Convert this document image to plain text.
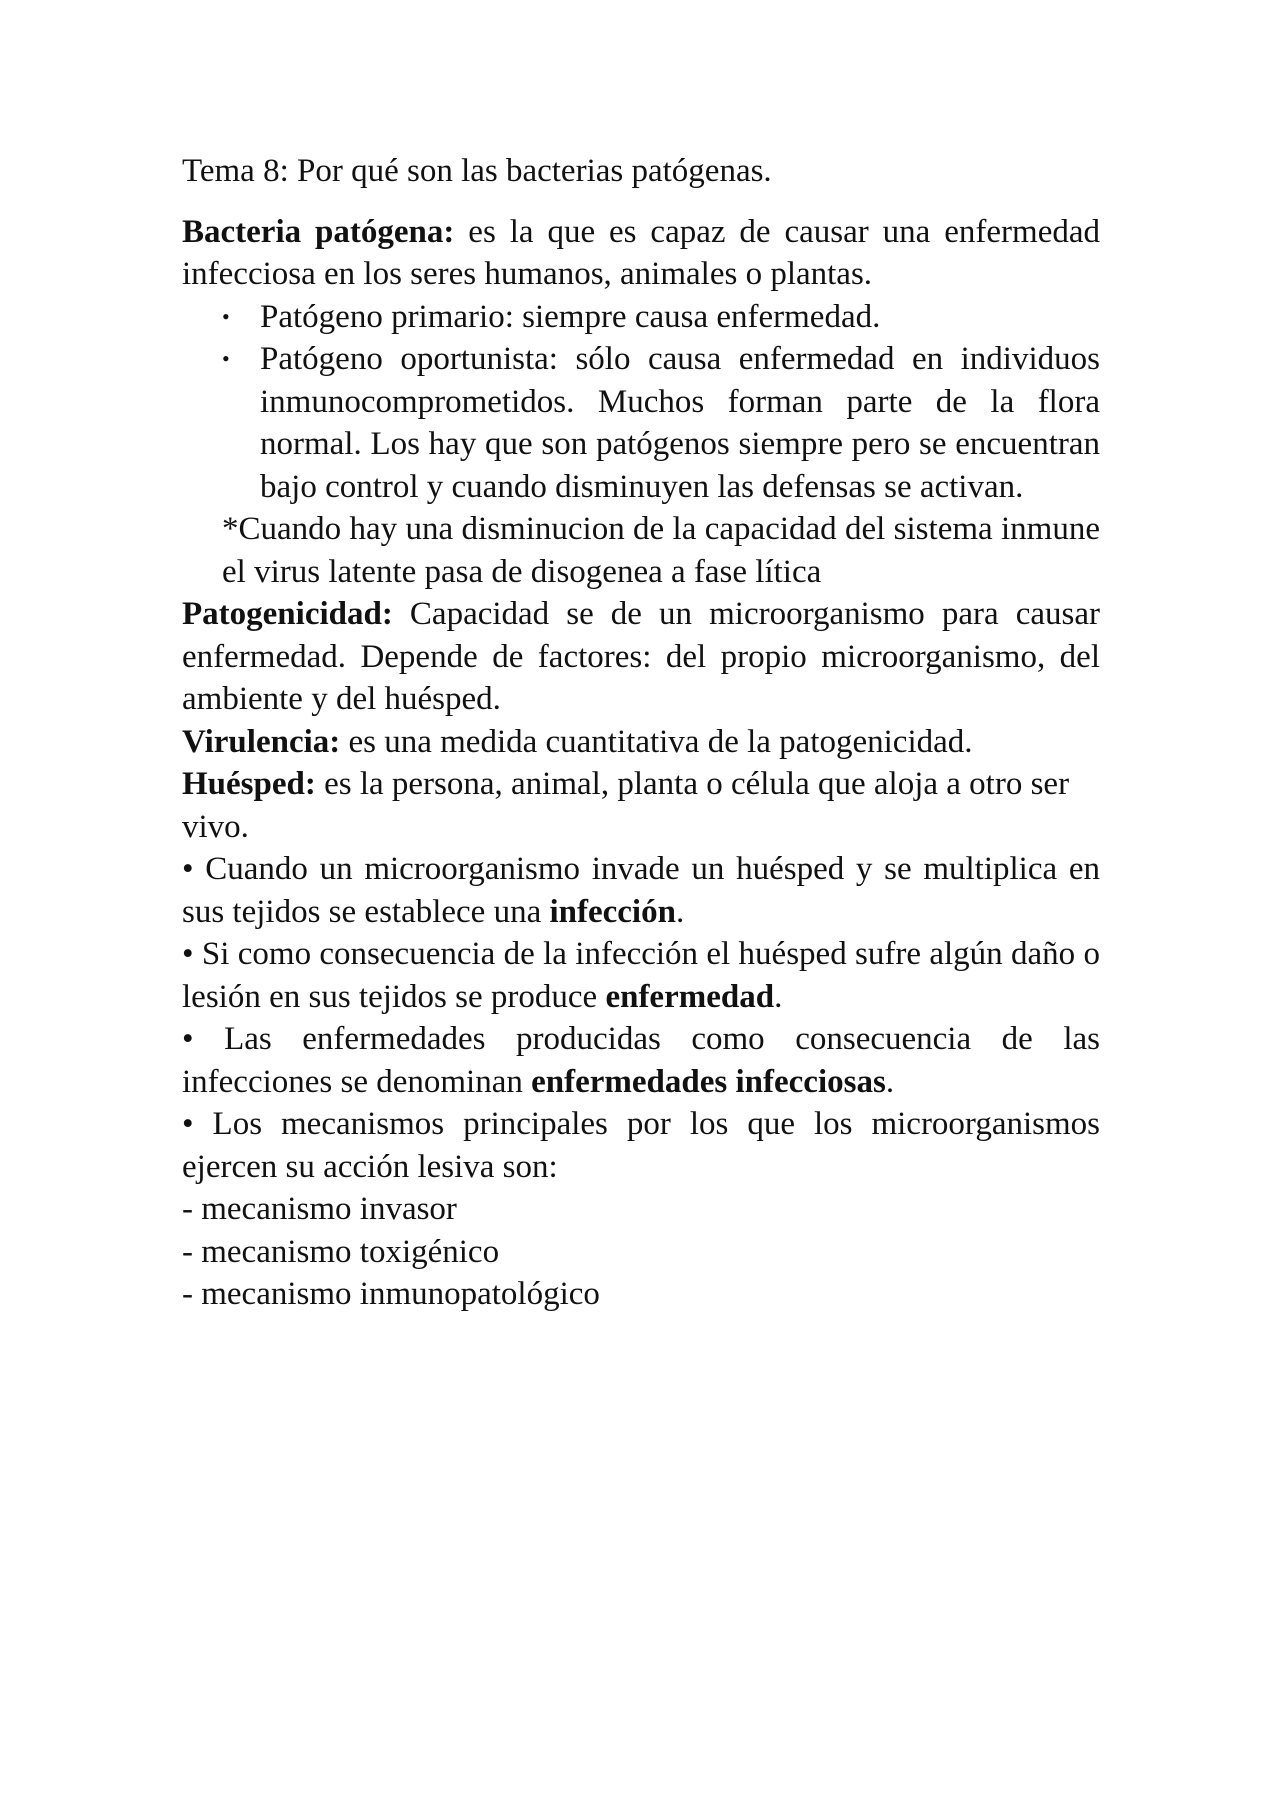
Tema 8: Por qué son las bacterias patógenas.

Bacteria patógena: es la que es capaz de causar una enfermedad infecciosa en los seres humanos, animales o plantas.

• Patógeno primario: siempre causa enfermedad.
• Patógeno oportunista: sólo causa enfermedad en individuos inmunocomprometidos. Muchos forman parte de la flora normal. Los hay que son patógenos siempre pero se encuentran bajo control y cuando disminuyen las defensas se activan.

*Cuando hay una disminucion de la capacidad del sistema inmune el virus latente pasa de disogenea a fase lítica

Patogenicidad: Capacidad se de un microorganismo para causar enfermedad. Depende de factores: del propio microorganismo, del ambiente y del huésped.

Virulencia: es una medida cuantitativa de la patogenicidad.

Huésped: es la persona, animal, planta o célula que aloja a otro ser

vivo.

• Cuando un microorganismo invade un huésped y se multiplica en sus tejidos se establece una infección.

• Si como consecuencia de la infección el huésped sufre algún daño o lesión en sus tejidos se produce enfermedad.

• Las enfermedades producidas como consecuencia de las infecciones se denominan enfermedades infecciosas.

• Los mecanismos principales por los que los microorganismos ejercen su acción lesiva son:

- mecanismo invasor
- mecanismo toxigénico
- mecanismo inmunopatológico
